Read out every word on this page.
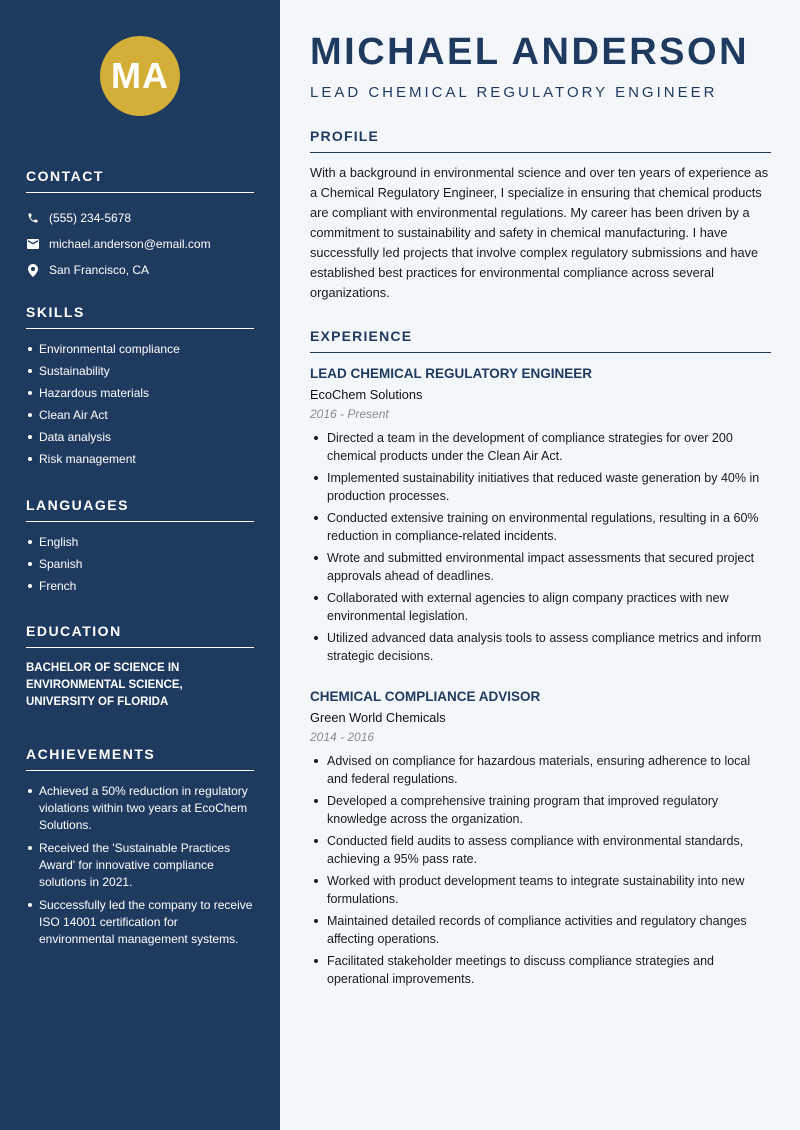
MA
CONTACT
(555) 234-5678
michael.anderson@email.com
San Francisco, CA
SKILLS
Environmental compliance
Sustainability
Hazardous materials
Clean Air Act
Data analysis
Risk management
LANGUAGES
English
Spanish
French
EDUCATION
BACHELOR OF SCIENCE IN ENVIRONMENTAL SCIENCE, UNIVERSITY OF FLORIDA
ACHIEVEMENTS
Achieved a 50% reduction in regulatory violations within two years at EcoChem Solutions.
Received the 'Sustainable Practices Award' for innovative compliance solutions in 2021.
Successfully led the company to receive ISO 14001 certification for environmental management systems.
MICHAEL ANDERSON
LEAD CHEMICAL REGULATORY ENGINEER
PROFILE
With a background in environmental science and over ten years of experience as a Chemical Regulatory Engineer, I specialize in ensuring that chemical products are compliant with environmental regulations. My career has been driven by a commitment to sustainability and safety in chemical manufacturing. I have successfully led projects that involve complex regulatory submissions and have established best practices for environmental compliance across several organizations.
EXPERIENCE
LEAD CHEMICAL REGULATORY ENGINEER
EcoChem Solutions
2016 - Present
Directed a team in the development of compliance strategies for over 200 chemical products under the Clean Air Act.
Implemented sustainability initiatives that reduced waste generation by 40% in production processes.
Conducted extensive training on environmental regulations, resulting in a 60% reduction in compliance-related incidents.
Wrote and submitted environmental impact assessments that secured project approvals ahead of deadlines.
Collaborated with external agencies to align company practices with new environmental legislation.
Utilized advanced data analysis tools to assess compliance metrics and inform strategic decisions.
CHEMICAL COMPLIANCE ADVISOR
Green World Chemicals
2014 - 2016
Advised on compliance for hazardous materials, ensuring adherence to local and federal regulations.
Developed a comprehensive training program that improved regulatory knowledge across the organization.
Conducted field audits to assess compliance with environmental standards, achieving a 95% pass rate.
Worked with product development teams to integrate sustainability into new formulations.
Maintained detailed records of compliance activities and regulatory changes affecting operations.
Facilitated stakeholder meetings to discuss compliance strategies and operational improvements.
